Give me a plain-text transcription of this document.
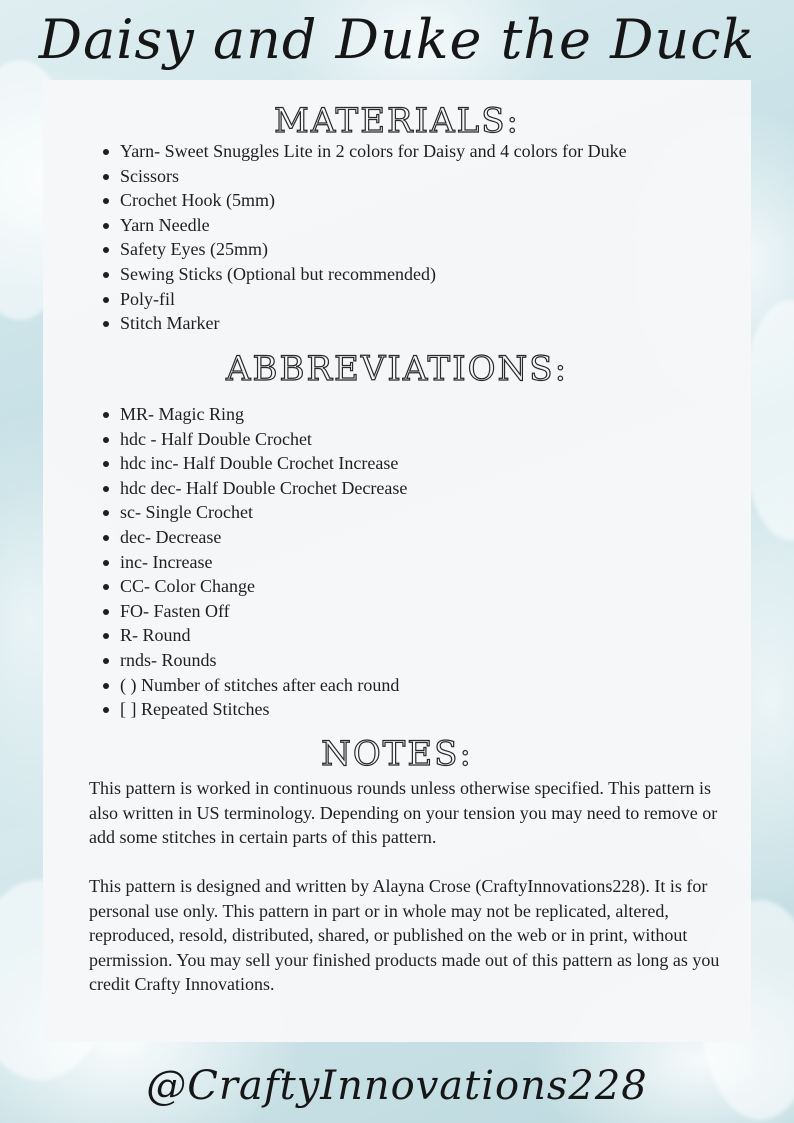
Daisy and Duke the Duck
MATERIALS:
Yarn- Sweet Snuggles Lite in 2 colors for Daisy and 4 colors for Duke
Scissors
Crochet Hook (5mm)
Yarn Needle
Safety Eyes (25mm)
Sewing Sticks (Optional but recommended)
Poly-fil
Stitch Marker
ABBREVIATIONS:
MR- Magic Ring
hdc - Half Double Crochet
hdc inc- Half Double Crochet Increase
hdc dec- Half Double Crochet Decrease
sc- Single Crochet
dec- Decrease
inc- Increase
CC- Color Change
FO- Fasten Off
R- Round
rnds- Rounds
( ) Number of stitches after each round
[ ] Repeated Stitches
NOTES:

This pattern is worked in continuous rounds unless otherwise specified. This pattern is also written in US terminology. Depending on your tension you may need to remove or add some stitches in certain parts of this pattern.

This pattern is designed and written by Alayna Crose (CraftyInnovations228). It is for personal use only. This pattern in part or in whole may not be replicated, altered, reproduced, resold, distributed, shared, or published on the web or in print, without permission. You may sell your finished products made out of this pattern as long as you credit Crafty Innovations.

@CraftyInnovations228
